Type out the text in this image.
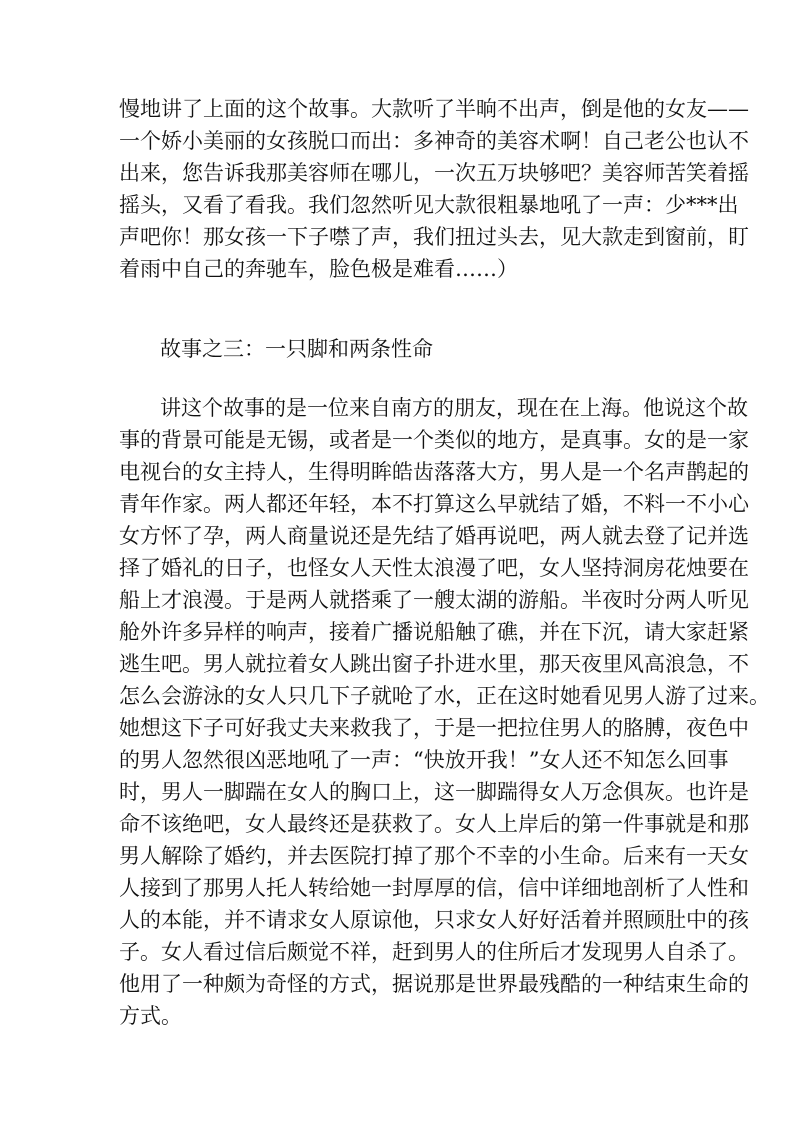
慢地讲了上面的这个故事。大款听了半晌不出声，倒是他的女友——
一个娇小美丽的女孩脱口而出：多神奇的美容术啊！自己老公也认不
出来，您告诉我那美容师在哪儿，一次五万块够吧？美容师苦笑着摇
摇头，又看了看我。我们忽然听见大款很粗暴地吼了一声：少***出
声吧你！那女孩一下子噤了声，我们扭过头去，见大款走到窗前，盯
着雨中自己的奔驰车，脸色极是难看……）
故事之三：一只脚和两条性命
讲这个故事的是一位来自南方的朋友，现在在上海。他说这个故
事的背景可能是无锡，或者是一个类似的地方，是真事。女的是一家
电视台的女主持人，生得明眸皓齿落落大方，男人是一个名声鹊起的
青年作家。两人都还年轻，本不打算这么早就结了婚，不料一不小心
女方怀了孕，两人商量说还是先结了婚再说吧，两人就去登了记并选
择了婚礼的日子，也怪女人天性太浪漫了吧，女人坚持洞房花烛要在
船上才浪漫。于是两人就搭乘了一艘太湖的游船。半夜时分两人听见
舱外许多异样的响声，接着广播说船触了礁，并在下沉，请大家赶紧
逃生吧。男人就拉着女人跳出窗子扑进水里，那天夜里风高浪急，不
怎么会游泳的女人只几下子就呛了水，正在这时她看见男人游了过来。
她想这下子可好我丈夫来救我了，于是一把拉住男人的胳膊，夜色中
的男人忽然很凶恶地吼了一声：“快放开我！”女人还不知怎么回事
时，男人一脚踹在女人的胸口上，这一脚踹得女人万念俱灰。也许是
命不该绝吧，女人最终还是获救了。女人上岸后的第一件事就是和那
男人解除了婚约，并去医院打掉了那个不幸的小生命。后来有一天女
人接到了那男人托人转给她一封厚厚的信，信中详细地剖析了人性和
人的本能，并不请求女人原谅他，只求女人好好活着并照顾肚中的孩
子。女人看过信后颇觉不祥，赶到男人的住所后才发现男人自杀了。
他用了一种颇为奇怪的方式，据说那是世界最残酷的一种结束生命的
方式。
